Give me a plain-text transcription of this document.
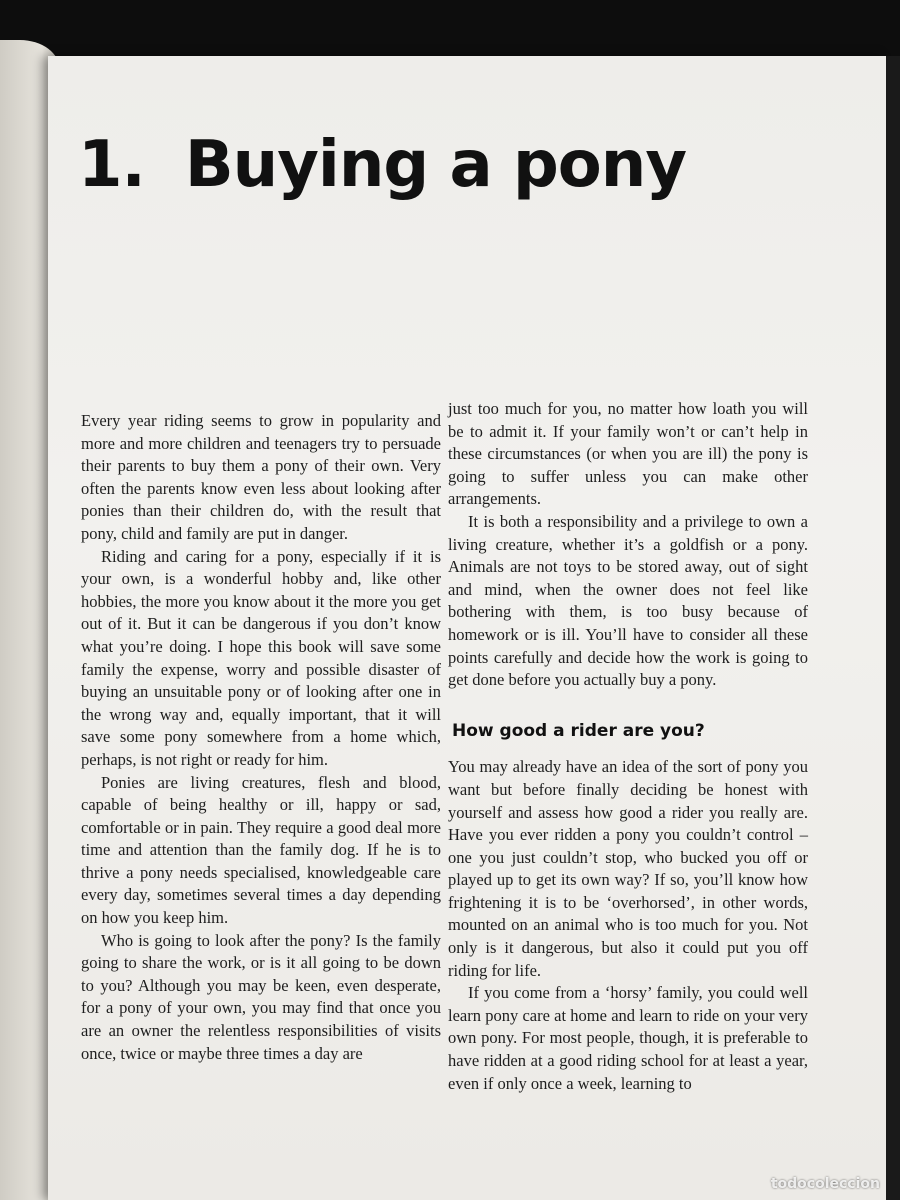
1. Buying a pony

Every year riding seems to grow in popularity and more and more children and teenagers try to persuade their parents to buy them a pony of their own. Very often the parents know even less about looking after ponies than their children do, with the result that pony, child and family are put in danger.

Riding and caring for a pony, especially if it is your own, is a wonderful hobby and, like other hobbies, the more you know about it the more you get out of it. But it can be dangerous if you don’t know what you’re doing. I hope this book will save some family the expense, worry and possible disaster of buying an unsuitable pony or of looking after one in the wrong way and, equally important, that it will save some pony somewhere from a home which, perhaps, is not right or ready for him.

Ponies are living creatures, flesh and blood, capable of being healthy or ill, happy or sad, comfortable or in pain. They require a good deal more time and attention than the family dog. If he is to thrive a pony needs specialised, knowledgeable care every day, sometimes several times a day depending on how you keep him.

Who is going to look after the pony? Is the family going to share the work, or is it all going to be down to you? Although you may be keen, even desperate, for a pony of your own, you may find that once you are an owner the relentless responsibilities of visits once, twice or maybe three times a day are

just too much for you, no matter how loath you will be to admit it. If your family won’t or can’t help in these circumstances (or when you are ill) the pony is going to suffer unless you can make other arrangements.

It is both a responsibility and a privilege to own a living creature, whether it’s a goldfish or a pony. Animals are not toys to be stored away, out of sight and mind, when the owner does not feel like bothering with them, is too busy because of homework or is ill. You’ll have to consider all these points carefully and decide how the work is going to get done before you actually buy a pony.

How good a rider are you?

You may already have an idea of the sort of pony you want but before finally deciding be honest with yourself and assess how good a rider you really are. Have you ever ridden a pony you couldn’t control – one you just couldn’t stop, who bucked you off or played up to get its own way? If so, you’ll know how frightening it is to be ‘overhorsed’, in other words, mounted on an animal who is too much for you. Not only is it dangerous, but also it could put you off riding for life.

If you come from a ‘horsy’ family, you could well learn pony care at home and learn to ride on your very own pony. For most people, though, it is preferable to have ridden at a good riding school for at least a year, even if only once a week, learning to

todocoleccion
